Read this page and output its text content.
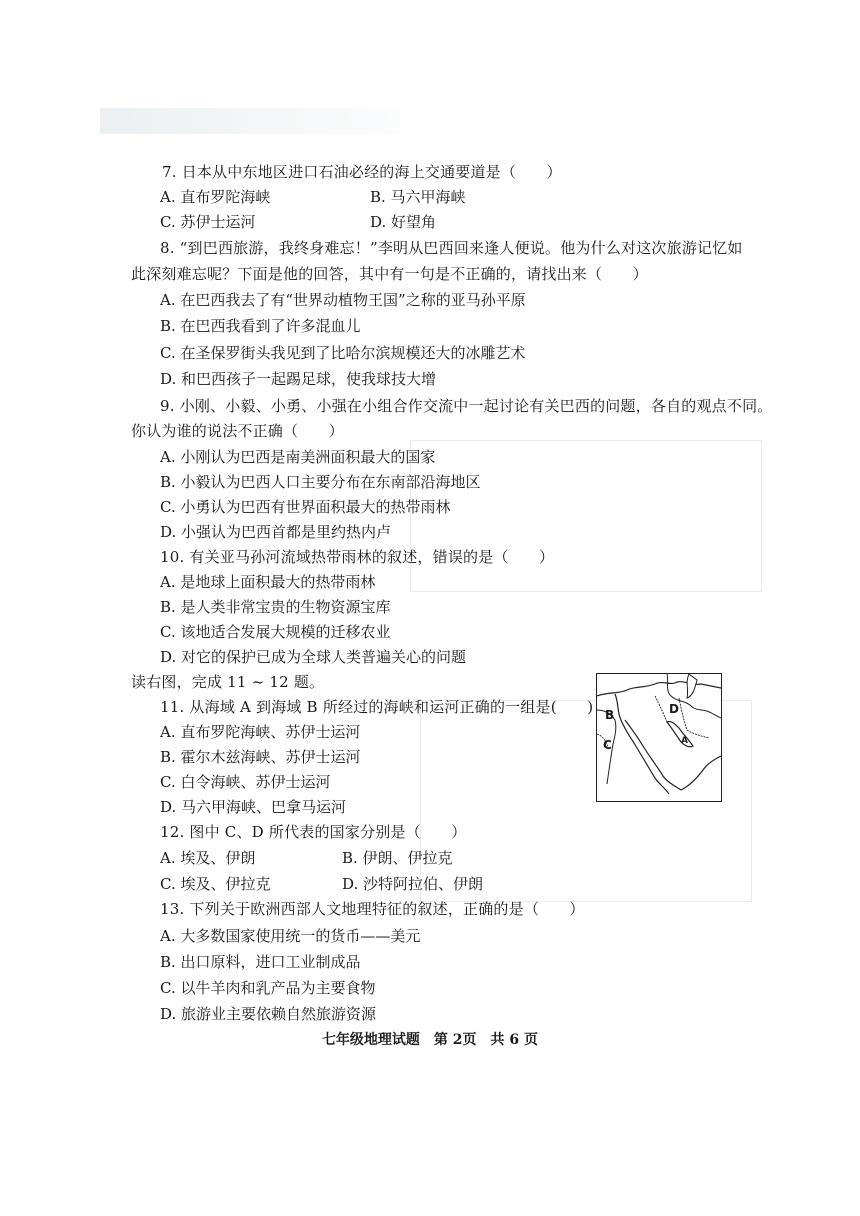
7. 日本从中东地区进口石油必经的海上交通要道是（　　）
A. 直布罗陀海峡	B. 马六甲海峡
C. 苏伊士运河	D. 好望角
8. “到巴西旅游，我终身难忘！”李明从巴西回来逢人便说。他为什么对这次旅游记忆如
此深刻难忘呢？下面是他的回答，其中有一句是不正确的，请找出来（　　）
A. 在巴西我去了有“世界动植物王国”之称的亚马孙平原
B. 在巴西我看到了许多混血儿
C. 在圣保罗街头我见到了比哈尔滨规模还大的冰雕艺术
D. 和巴西孩子一起踢足球，使我球技大增
9. 小刚、小毅、小勇、小强在小组合作交流中一起讨论有关巴西的问题，各自的观点不同。
你认为谁的说法不正确（　　）
A. 小刚认为巴西是南美洲面积最大的国家
B. 小毅认为巴西人口主要分布在东南部沿海地区
C. 小勇认为巴西有世界面积最大的热带雨林
D. 小强认为巴西首都是里约热内卢
10. 有关亚马孙河流域热带雨林的叙述，错误的是（　　）
A. 是地球上面积最大的热带雨林
B. 是人类非常宝贵的生物资源宝库
C. 该地适合发展大规模的迁移农业
D. 对它的保护已成为全球人类普遍关心的问题
读右图，完成 11 ~ 12 题。
11. 从海域 A 到海域 B 所经过的海峡和运河正确的一组是(　　)
A. 直布罗陀海峡、苏伊士运河
B. 霍尔木兹海峡、苏伊士运河
C. 白令海峡、苏伊士运河
D. 马六甲海峡、巴拿马运河
12. 图中 C、D 所代表的国家分别是（　　）
A. 埃及、伊朗	B. 伊朗、伊拉克
C. 埃及、伊拉克	D. 沙特阿拉伯、伊朗
13. 下列关于欧洲西部人文地理特征的叙述，正确的是（　　）
A. 大多数国家使用统一的货币——美元
B. 出口原料，进口工业制成品
C. 以牛羊肉和乳产品为主要食物
D. 旅游业主要依赖自然旅游资源
B	D
C	A
七年级地理试题　第 2页　共 6 页
